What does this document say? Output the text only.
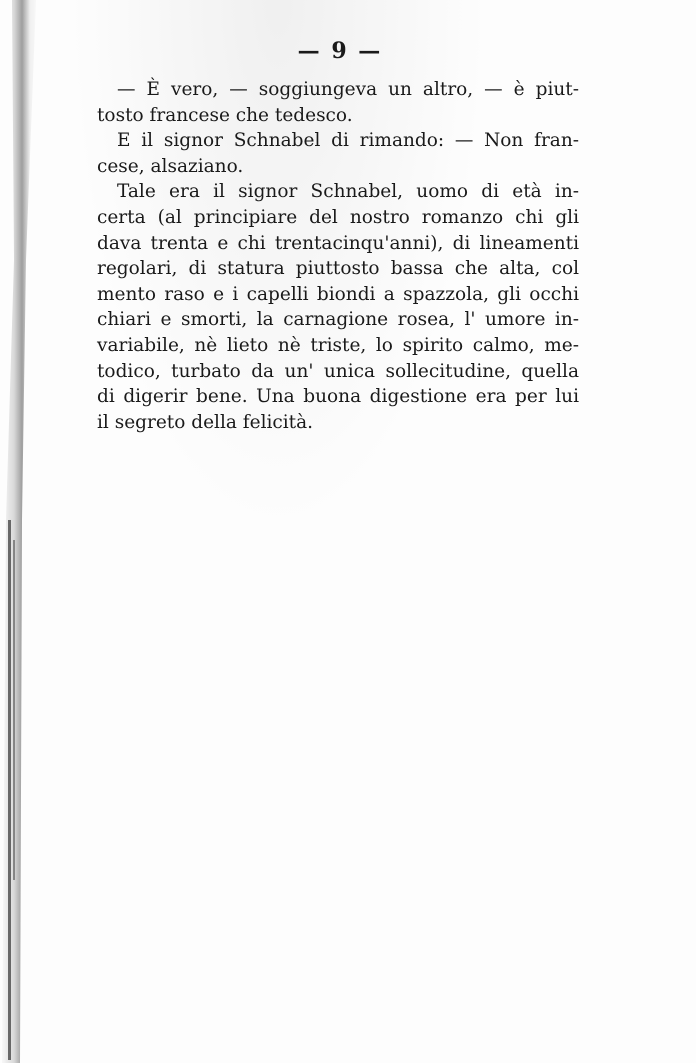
— 9 —
— È vero, — soggiungeva un altro, — è piut-
tosto francese che tedesco.
E il signor Schnabel di rimando: — Non fran-
cese, alsaziano.
Tale era il signor Schnabel, uomo di età in-
certa (al principiare del nostro romanzo chi gli
dava trenta e chi trentacinqu'anni), di lineamenti
regolari, di statura piuttosto bassa che alta, col
mento raso e i capelli biondi a spazzola, gli occhi
chiari e smorti, la carnagione rosea, l' umore in-
variabile, nè lieto nè triste, lo spirito calmo, me-
todico, turbato da un' unica sollecitudine, quella
di digerir bene. Una buona digestione era per lui
il segreto della felicità.
